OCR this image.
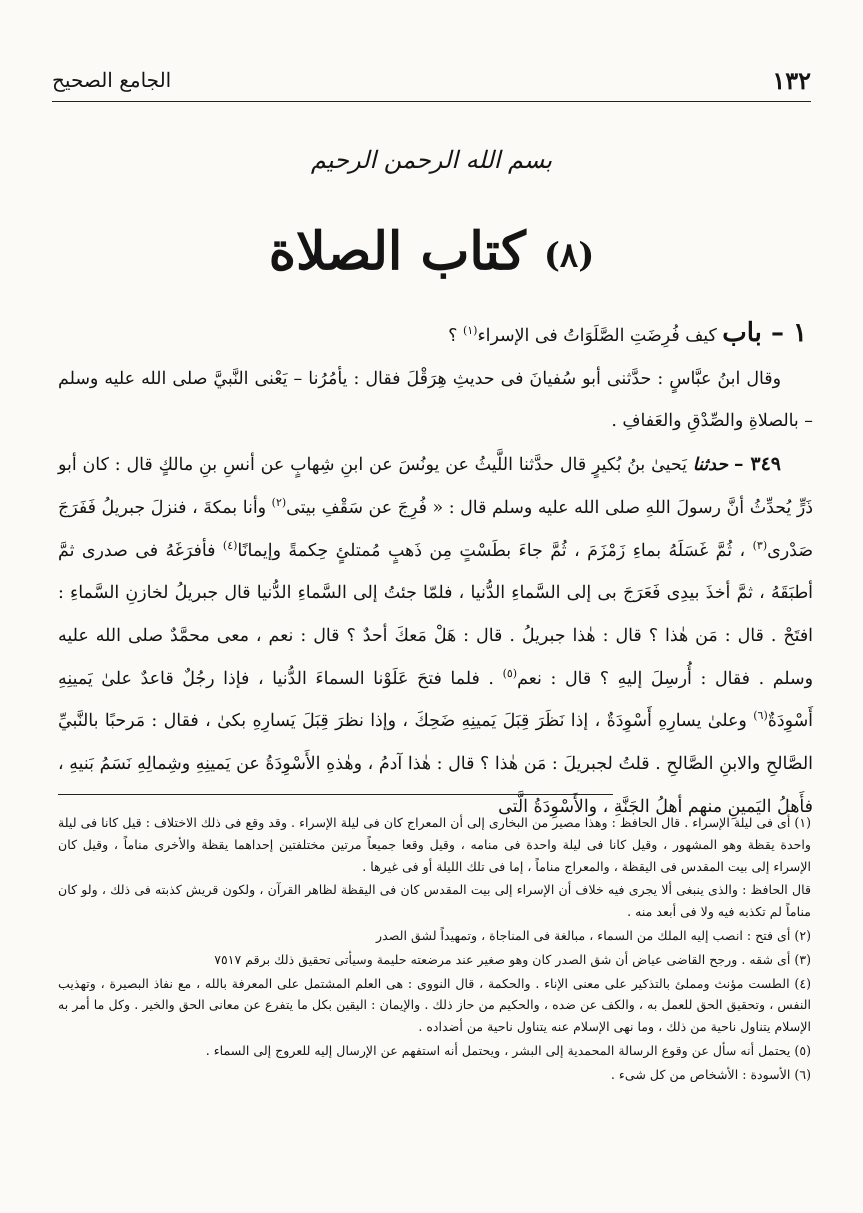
الجامع الصحيح	١٣٢
بسم الله الرحمن الرحيم
(٨) كتاب الصلاة

١ – باب كيف فُرِضَتِ الصَّلَوَاتُ فى الإسراء$^{(١)}$ ؟

وقال ابنُ عبَّاسٍ : حدَّثنى أبو سُفيانَ فى حديثِ هِرَقْلَ فقال : يأمُرُنا – يَعْنى النَّبيَّ صلى الله عليه وسلم – بالصلاةِ والصِّدْقِ والعَفافِ .

٣٤٩ – حدثنا يَحيىٰ بنُ بُكيرٍ قال حدَّثنا اللَّيثُ عن يونُسَ عن ابنِ شِهابٍ عن أنسِ بنِ مالكٍ قال : كان أبو ذَرٍّ يُحدِّثُ أنَّ رسولَ اللهِ صلى الله عليه وسلم قال : « فُرِجَ عن سَقْفِ بيتى$^{(٢)}$ وأنا بمكةَ ، فنزلَ جبريلُ فَفَرَجَ صَدْرى$^{(٣)}$ ، ثُمَّ غَسَلَهُ بماءِ زَمْزَمَ ، ثُمَّ جاءَ بطَسْتٍ مِن ذَهبٍ مُمتلئٍ حِكمةً وإيمانًا$^{(٤)}$ فأفرَغَهُ فى صدرى ثمَّ أطبَقَهُ ، ثمَّ أخذَ بيدِى فَعَرَجَ بى إلى السَّماءِ الدُّنيا ، فلمّا جئتُ إلى السَّماءِ الدُّنيا قال جبريلُ لخازنِ السَّماءِ : افتَحْ . قال : مَن هٰذا ؟ قال : هٰذا جبريلُ . قال : هَلْ مَعكَ أحدٌ ؟ قال : نعم ، معى محمَّدٌ صلى الله عليه وسلم . فقال : أُرسِلَ إليهِ ؟ قال : نعم$^{(٥)}$ . فلما فتحَ عَلَوْنا السماءَ الدُّنيا ، فإذا رجُلٌ قاعدٌ علىٰ يَمينِهِ أَسْوِدَةٌ$^{(٦)}$ وعلىٰ يسارِهِ أَسْوِدَةٌ ، إذا نَظَرَ قِبَلَ يَمينِهِ ضَحِكَ ، وإذا نظرَ قِبَلَ يَسارِهِ بكىٰ ، فقال : مَرحبًا بالنَّبيِّ الصَّالحِ والابنِ الصَّالحِ . قلتُ لجبريلَ : مَن هٰذا ؟ قال : هٰذا آدمُ ، وهٰذهِ الأَسْوِدَةُ عن يَمينِهِ وشِمالِهِ نَسَمُ بَنيهِ ، فأَهلُ اليَمينِ منهم أهلُ الجَنَّةِ ، والأَسْوِدَةُ الَّتى

(١) أى فى ليلة الإسراء . قال الحافظ : وهذا مصير من البخارى إلى أن المعراج كان فى ليلة الإسراء . وقد وقع فى ذلك الاختلاف : قيل كانا فى ليلة واحدة يقظة وهو المشهور ، وقيل كانا فى ليلة واحدة فى منامه ، وقيل وقعا جميعاً مرتين مختلفتين إحداهما يقظة والأخرى مناماً ، وقيل كان الإسراء إلى بيت المقدس فى اليقظة ، والمعراج مناماً ، إما فى تلك الليلة أو فى غيرها .

قال الحافظ : والذى ينبغى ألا يجرى فيه خلاف أن الإسراء إلى بيت المقدس كان فى اليقظة لظاهر القرآن ، ولكون قريش كذبته فى ذلك ، ولو كان مناماً لم تكذبه فيه ولا فى أبعد منه .

(٢) أى فتح : انصب إليه الملك من السماء ، مبالغة فى المناجاة ، وتمهيداً لشق الصدر

(٣) أى شقه . ورجح القاضى عياض أن شق الصدر كان وهو صغير عند مرضعته حليمة وسيأتى تحقيق ذلك برقم ٧٥١٧

(٤) الطست مؤنث ومملئ بالتذكير على معنى الإناء . والحكمة ، قال النووى : هى العلم المشتمل على المعرفة بالله ، مع نفاذ البصيرة ، وتهذيب النفس ، وتحقيق الحق للعمل به ، والكف عن ضده ، والحكيم من حاز ذلك . والإيمان : اليقين بكل ما يتفرع عن معانى الحق والخير . وكل ما أمر به الإسلام يتناول ناحية من ذلك ، وما نهى الإسلام عنه يتناول ناحية من أضداده .

(٥) يحتمل أنه سأل عن وقوع الرسالة المحمدية إلى البشر ، ويحتمل أنه استفهم عن الإرسال إليه للعروج إلى السماء .

(٦) الأسودة : الأشخاص من كل شىء .
